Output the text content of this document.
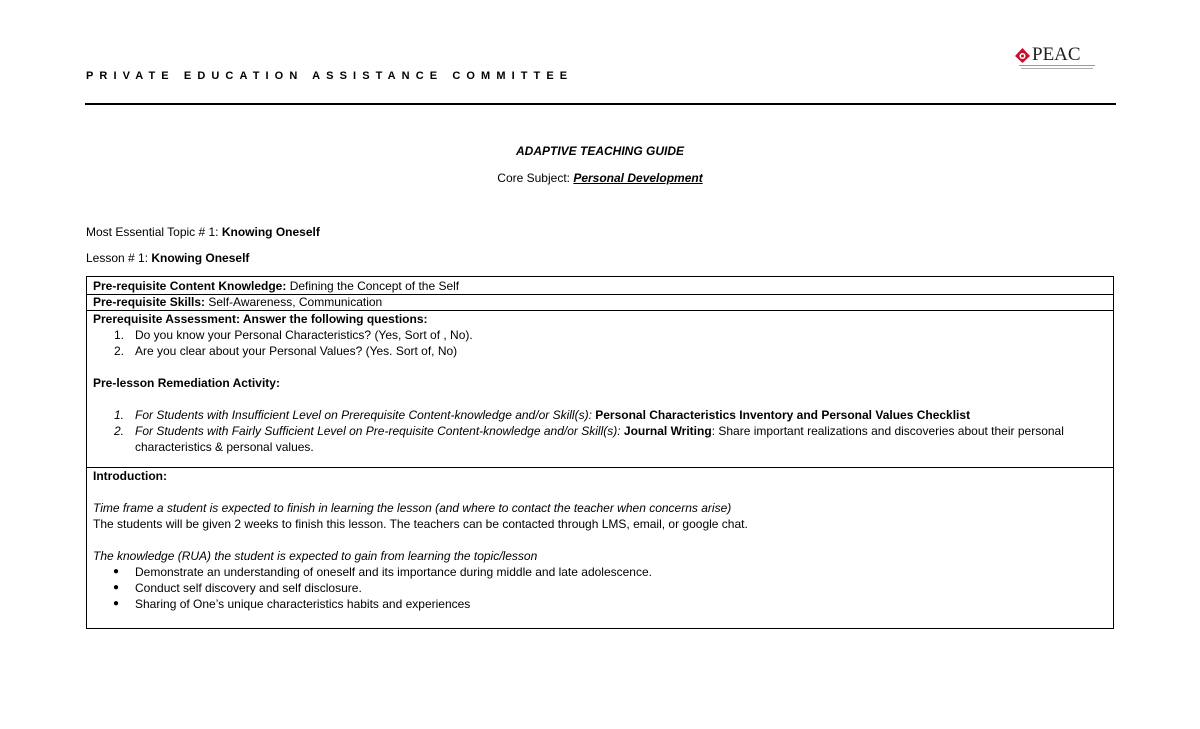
PRIVATE EDUCATION ASSISTANCE COMMITTEE
PEAC
ADAPTIVE TEACHING GUIDE
Core Subject: Personal Development
Most Essential Topic # 1: Knowing Oneself
Lesson # 1: Knowing Oneself
Pre-requisite Content Knowledge: Defining the Concept of the Self
Pre-requisite Skills: Self-Awareness, Communication
Prerequisite Assessment: Answer the following questions:
1. Do you know your Personal Characteristics? (Yes, Sort of , No).
2. Are you clear about your Personal Values? (Yes. Sort of, No)
Pre-lesson Remediation Activity:
1. For Students with Insufficient Level on Prerequisite Content-knowledge and/or Skill(s): Personal Characteristics Inventory and Personal Values Checklist
2. For Students with Fairly Sufficient Level on Pre-requisite Content-knowledge and/or Skill(s): Journal Writing: Share important realizations and discoveries about their personal
characteristics & personal values.
Introduction:
Time frame a student is expected to finish in learning the lesson (and where to contact the teacher when concerns arise)
The students will be given 2 weeks to finish this lesson. The teachers can be contacted through LMS, email, or google chat.
The knowledge (RUA) the student is expected to gain from learning the topic/lesson
● Demonstrate an understanding of oneself and its importance during middle and late adolescence.
● Conduct self discovery and self disclosure.
● Sharing of One’s unique characteristics habits and experiences
